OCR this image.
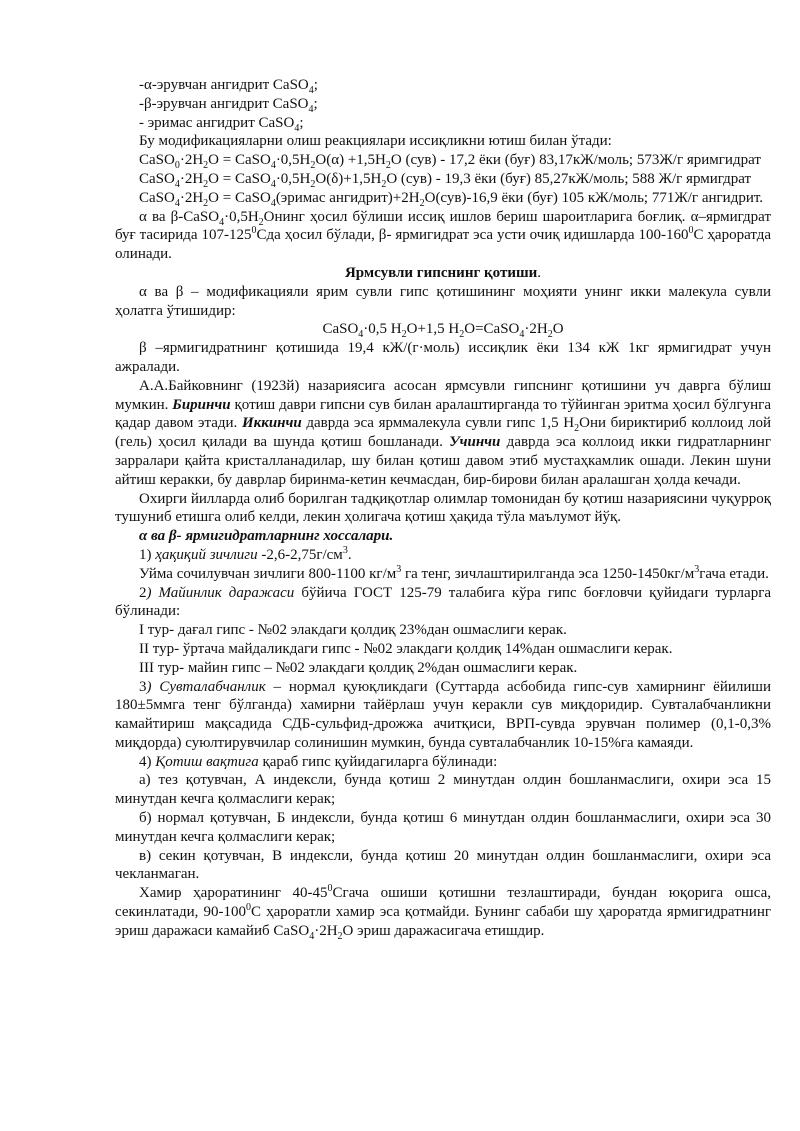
-α-эрувчан ангидрит CaSO$_4$;

-β-эрувчан ангидрит CaSO$_4$;

- эримас ангидрит CaSO$_4$;

Бу модификацияларни олиш реакциялари иссиқликни ютиш билан ўтади:

$CaSO_0\cdot 2H_2O$ = $CaSO_4\cdot 0,5H_2O(\alpha) +1,5H_2O$ (сув) - 17,2 ёки (буғ) 83,17кЖ/моль; 573Ж/г яримгидрат

$CaSO_4\cdot 2H_2O$ = $CaSO_4\cdot 0,5H_2O(\delta)+1,5H_2O$ (сув) - 19,3 ёки (буғ) 85,27кЖ/моль; 588 Ж/г ярмигдрат

$CaSO_4\cdot 2H_2O$ = CaSO$_4$(эримас $ангидрит)+2H_2O(сув)-16,9$ ёки (буғ) 105 кЖ/моль; 771Ж/г ангидрит.

α ва $\beta-CaSO_4\cdot 0,5H_2Онинг$ ҳосил бўлиши иссиқ ишлов бериш шароитларига боғлиқ. α–ярмигдрат буғ тасирида $107-125^0Сда$ ҳосил бўлади, β- ярмигидрат эса усти очиқ идишларда $100-160^0С$ ҳароратда олинади.

Ярмсувли гипснинг қотиши.

α ва β – модификацияли ярим сувли гипс қотишининг моҳияти унинг икки малекула сувли ҳолатга ўтишидир:

CaSO$_4$·0,5 $H_2O+1,5$ $H_2O=CaSO_4\cdot 2H_2O$

β –ярмигидратнинг қотишида 19,4 кЖ/(г·моль) иссиқлик ёки 134 кЖ 1кг ярмигидрат учун ажралади.

А.А.Байковнинг (1923й) назариясига асосан ярмсувли гипснинг қотишини уч даврга бўлиш мумкин. Биринчи қотиш даври гипсни сув билан аралаштирганда то тўйинган эритма ҳосил бўлгунга қадар давом этади. Иккинчи даврда эса ярммалекула сувли гипс 1,5 $H_2Они$ бириктириб коллоид лой (гель) ҳосил қилади ва шунда қотиш бошланади. Учинчи даврда эса коллоид икки гидратларнинг зарралари қайта кристалланадилар, шу билан қотиш давом этиб мустаҳкамлик ошади. Лекин шуни айтиш керакки, бу даврлар биринма-кетин кечмасдан, бир-бирови билан аралашган ҳолда кечади.

Охирги йилларда олиб борилган тадқиқотлар олимлар томонидан бу қотиш назариясини чуқурроқ тушуниб етишга олиб келди, лекин ҳолигача қотиш ҳақида тўла маълумот йўқ.

α ва β- ярмигидратларнинг хоссалари.

1) ҳақиқий зичлиги $-2,6-2,75г/см^3$.

Уйма сочилувчан зичлиги 800-1100 $кг/м^3$ га тенг, зичлаштирилганда эса $1250-1450кг/м^3гача$ етади.

2) Майинлик даражаси бўйича ГОСТ 125-79 талабига кўра гипс боғловчи қуйидаги турларга бўлинади:

I тур- дағал гипс - №02 элакдаги қолдиқ 23%дан ошмаслиги керак.

II тур- ўртача майдаликдаги гипс - №02 элакдаги қолдиқ 14%дан ошмаслиги керак.

III тур- майин гипс – №02 элакдаги қолдиқ 2%дан ошмаслиги керак.

3) Сувталабчанлик – нормал қуюқликдаги (Суттарда асбобида гипс-сув хамирнинг ёйилиши 180±5ммга тенг бўлганда) хамирни тайёрлаш учун кeракли сув миқдоридир. Сувталабчанликни камайтириш мақсадида СДБ-сульфид-дрожжа ачитқиси, ВРП-сувда эрувчан полимер (0,1-0,3% миқдорда) суюлтирувчилар солинишин мумкин, бунда сувталабчанлик 10-15%га камаяди.

4) Қотиш вақтига қараб гипс қуйидагиларга бўлинади:

а) тез қотувчан, А индексли, бунда қотиш 2 минутдан олдин бошланмаслиги, охири эса 15 минутдан кечга қолмаслиги керак;

б) нормал қотувчан, Б индексли, бунда қотиш 6 минутдан олдин бошланмаслиги, охири эса 30 минутдан кечга қолмаслиги керак;

в) секин қотувчан, В индексли, бунда қотиш 20 минутдан олдин бошланмаслиги, охири эса чекланмаган.

Хамир ҳароратининг $40-45^0Сгача$ ошиши қотишни тезлаштиради, бундан юқорига ошса, секинлатади, $90-100^0С$ ҳароратли хамир эса қотмайди. Бунинг сабаби шу ҳароратда ярмигидратнинг эриш даражаси камайиб $CaSO_4\cdot 2H_2O$ эриш даражасигача етишдир.
